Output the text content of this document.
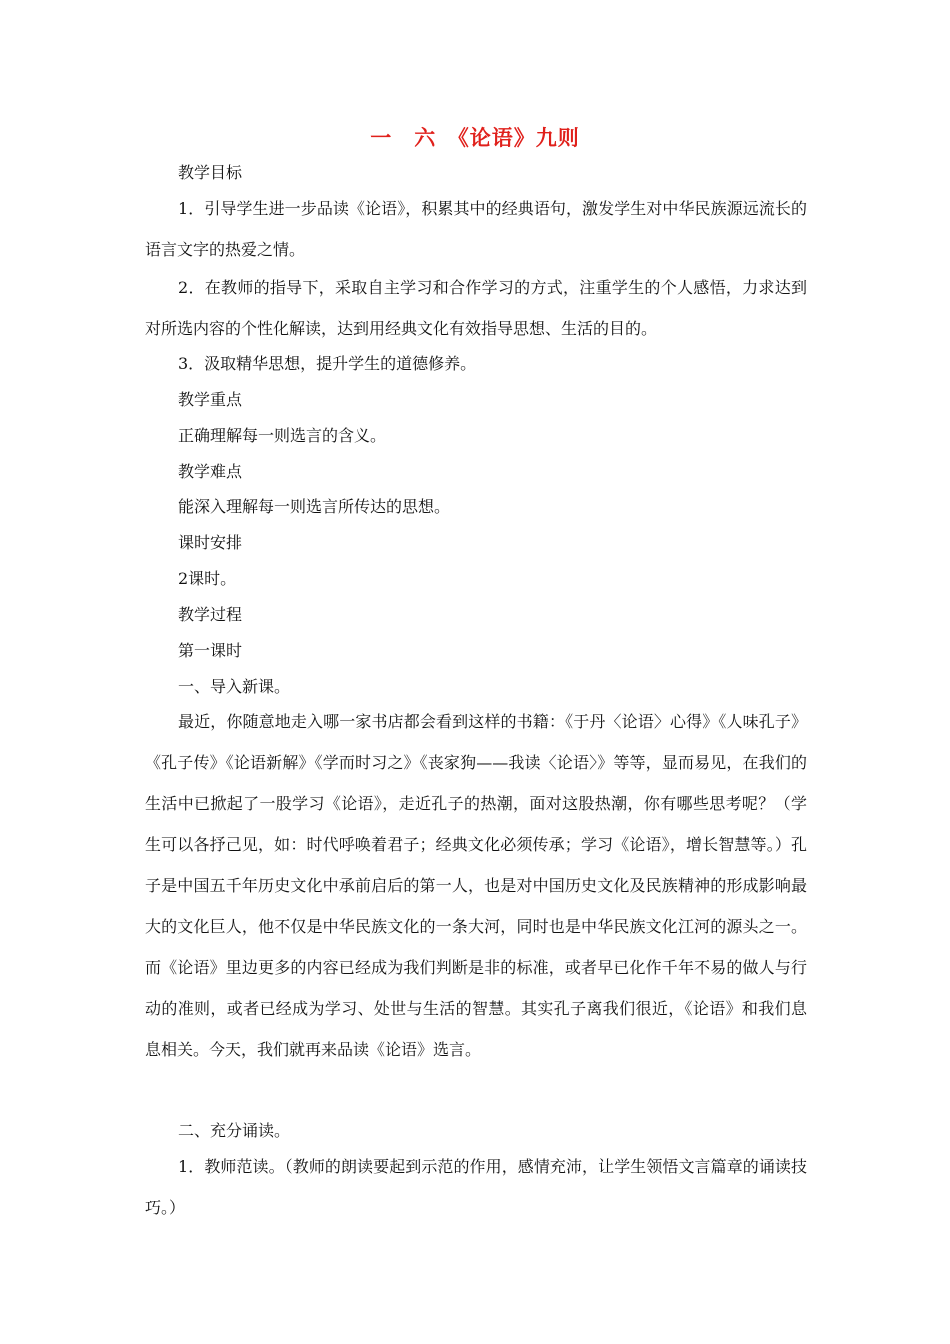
一　六　《论语》九则
教学目标
1．引导学生进一步品读《论语》，积累其中的经典语句，激发学生对中华民族源远流长的语言文字的热爱之情。
2．在教师的指导下，采取自主学习和合作学习的方式，注重学生的个人感悟，力求达到对所选内容的个性化解读，达到用经典文化有效指导思想、生活的目的。
3．汲取精华思想，提升学生的道德修养。
教学重点
正确理解每一则选言的含义。
教学难点
能深入理解每一则选言所传达的思想。
课时安排
2课时。
教学过程
第一课时
一、导入新课。
最近，你随意地走入哪一家书店都会看到这样的书籍：《于丹〈论语〉心得》《人味孔子》《孔子传》《论语新解》《学而时习之》《丧家狗——我读〈论语〉》等等，显而易见，在我们的生活中已掀起了一股学习《论语》，走近孔子的热潮，面对这股热潮，你有哪些思考呢？（学生可以各抒己见，如：时代呼唤着君子；经典文化必须传承；学习《论语》，增长智慧等。）孔子是中国五千年历史文化中承前启后的第一人，也是对中国历史文化及民族精神的形成影响最大的文化巨人，他不仅是中华民族文化的一条大河，同时也是中华民族文化江河的源头之一。而《论语》里边更多的内容已经成为我们判断是非的标准，或者早已化作千年不易的做人与行动的准则，或者已经成为学习、处世与生活的智慧。其实孔子离我们很近，《论语》和我们息息相关。今天，我们就再来品读《论语》选言。
二、充分诵读。
1．教师范读。（教师的朗读要起到示范的作用，感情充沛，让学生领悟文言篇章的诵读技巧。）
